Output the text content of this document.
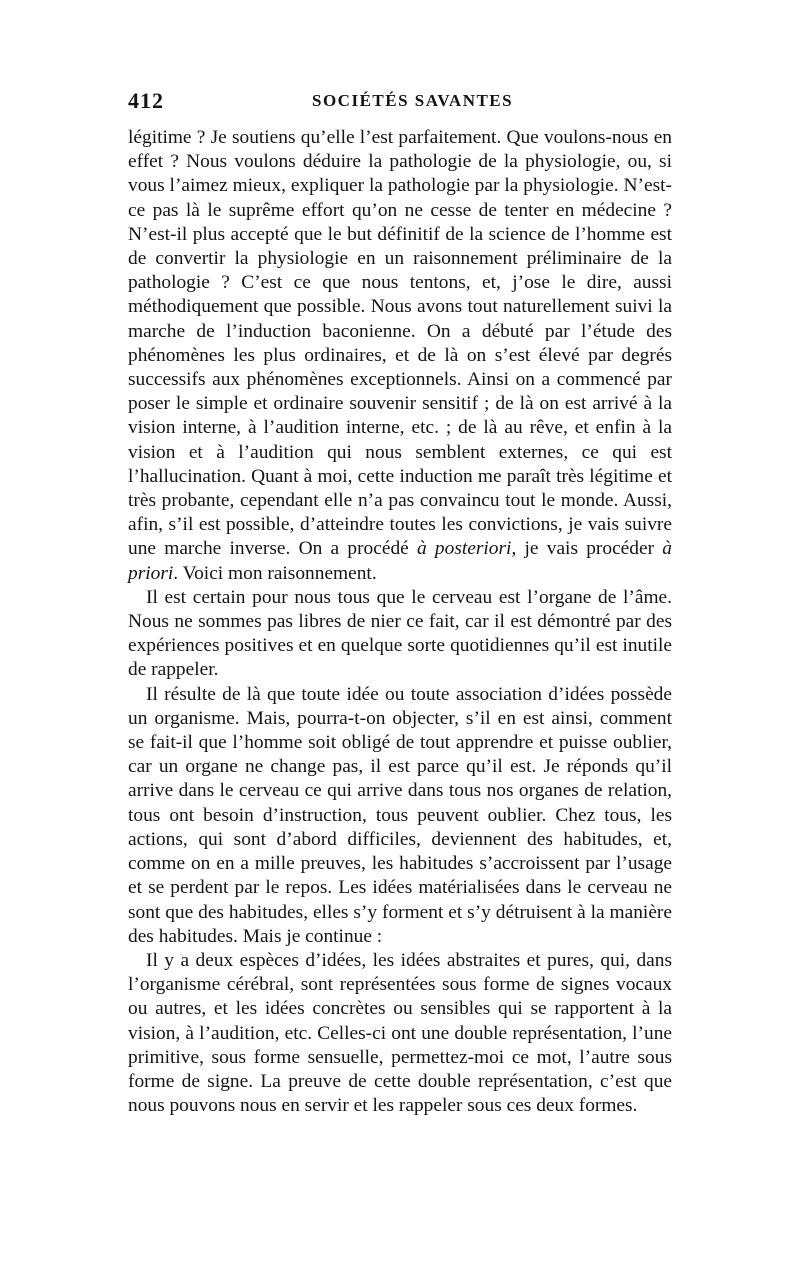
412	SOCIÉTÉS SAVANTES

légitime ? Je soutiens qu’elle l’est parfaitement. Que voulons-nous en effet ? Nous voulons déduire la pathologie de la physiologie, ou, si vous l’aimez mieux, expliquer la pathologie par la physiologie. N’est-ce pas là le suprême effort qu’on ne cesse de tenter en médecine ? N’est-il plus accepté que le but définitif de la science de l’homme est de convertir la physiologie en un raisonnement préliminaire de la pathologie ? C’est ce que nous tentons, et, j’ose le dire, aussi méthodiquement que possible. Nous avons tout naturellement suivi la marche de l’induction baconienne. On a débuté par l’étude des phénomènes les plus ordinaires, et de là on s’est élevé par degrés successifs aux phénomènes exceptionnels. Ainsi on a commencé par poser le simple et ordinaire souvenir sensitif ; de là on est arrivé à la vision interne, à l’audition interne, etc. ; de là au rêve, et enfin à la vision et à l’audition qui nous semblent externes, ce qui est l’hallucination. Quant à moi, cette induction me paraît très légitime et très probante, cependant elle n’a pas convaincu tout le monde. Aussi, afin, s’il est possible, d’atteindre toutes les convictions, je vais suivre une marche inverse. On a procédé à posteriori, je vais procéder à priori. Voici mon raisonnement.

Il est certain pour nous tous que le cerveau est l’organe de l’âme. Nous ne sommes pas libres de nier ce fait, car il est démontré par des expériences positives et en quelque sorte quotidiennes qu’il est inutile de rappeler.

Il résulte de là que toute idée ou toute association d’idées possède un organisme. Mais, pourra-t-on objecter, s’il en est ainsi, comment se fait-il que l’homme soit obligé de tout apprendre et puisse oublier, car un organe ne change pas, il est parce qu’il est. Je réponds qu’il arrive dans le cerveau ce qui arrive dans tous nos organes de relation, tous ont besoin d’instruction, tous peuvent oublier. Chez tous, les actions, qui sont d’abord difficiles, deviennent des habitudes, et, comme on en a mille preuves, les habitudes s’accroissent par l’usage et se perdent par le repos. Les idées matérialisées dans le cerveau ne sont que des habitudes, elles s’y forment et s’y détruisent à la manière des habitudes. Mais je continue :

Il y a deux espèces d’idées, les idées abstraites et pures, qui, dans l’organisme cérébral, sont représentées sous forme de signes vocaux ou autres, et les idées concrètes ou sensibles qui se rapportent à la vision, à l’audition, etc. Celles-ci ont une double représentation, l’une primitive, sous forme sensuelle, permettez-moi ce mot, l’autre sous forme de signe. La preuve de cette double représentation, c’est que nous pouvons nous en servir et les rappeler sous ces deux formes.
